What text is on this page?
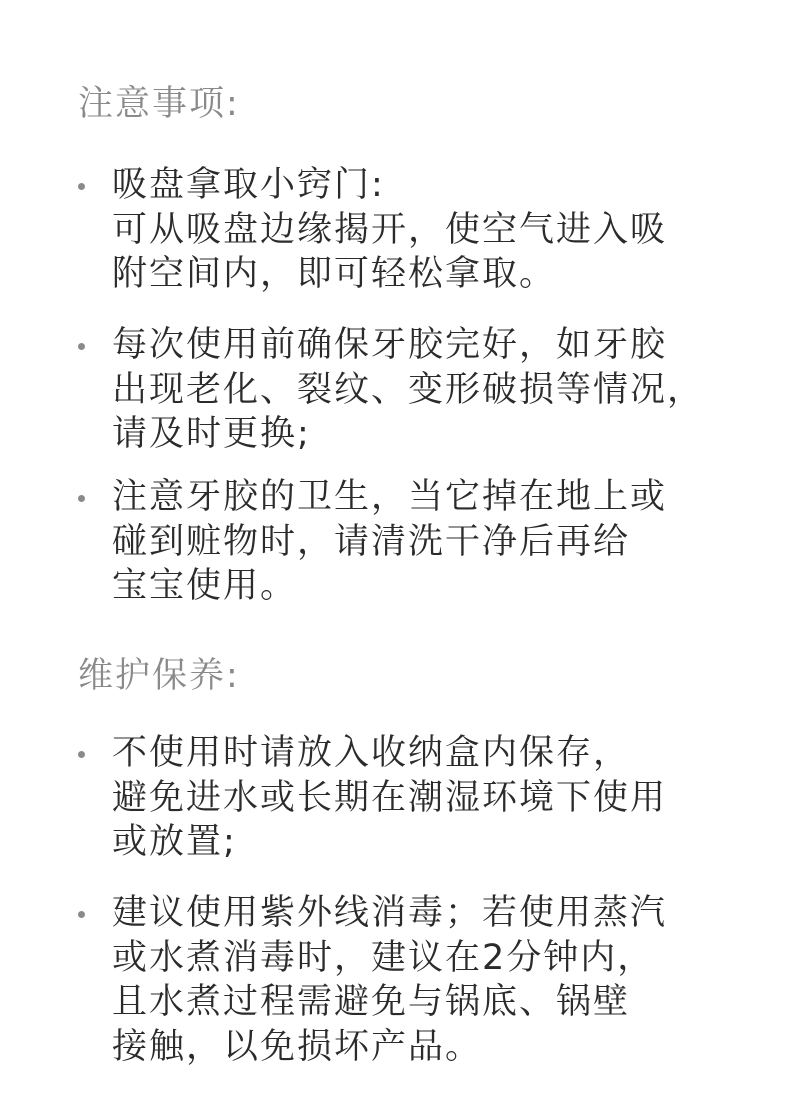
注意事项:
吸盘拿取小窍门:
可从吸盘边缘揭开，使空气进入吸
附空间内，即可轻松拿取。
每次使用前确保牙胶完好，如牙胶
出现老化、裂纹、变形破损等情况，
请及时更换;
注意牙胶的卫生，当它掉在地上或
碰到赃物时，请清洗干净后再给
宝宝使用。
维护保养:
不使用时请放入收纳盒内保存，
避免进水或长期在潮湿环境下使用
或放置;
建议使用紫外线消毒；若使用蒸汽
或水煮消毒时，建议在2分钟内，
且水煮过程需避免与锅底、锅壁
接触，以免损坏产品。
